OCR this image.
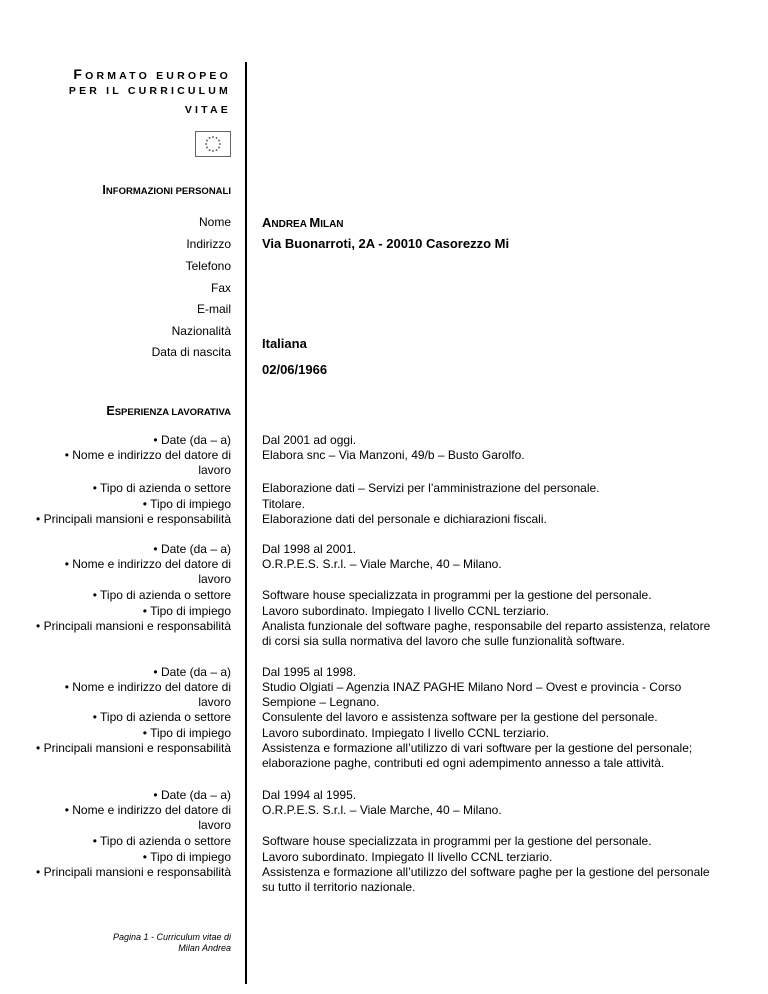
FORMATO EUROPEO
PER IL CURRICULUM
VITAE
INFORMAZIONI PERSONALI
Nome
Indirizzo
Telefono
Fax
E-mail
Nazionalità
Data di nascita
ANDREA MILAN
Via Buonarroti, 2A - 20010 Casorezzo Mi
Italiana
02/06/1966
ESPERIENZA LAVORATIVA
• Date (da – a)
• Nome e indirizzo del datore di lavoro
• Tipo di azienda o settore
• Tipo di impiego
• Principali mansioni e responsabilità
Dal 2001 ad oggi.
Elabora snc – Via Manzoni, 49/b – Busto Garolfo.
Elaborazione dati – Servizi per l’amministrazione del personale.
Titolare.
Elaborazione dati del personale e dichiarazioni fiscali.
• Date (da – a)
• Nome e indirizzo del datore di lavoro
• Tipo di azienda o settore
• Tipo di impiego
• Principali mansioni e responsabilità
Dal 1998 al 2001.
O.R.P.E.S. S.r.l. – Viale Marche, 40 – Milano.
Software house specializzata in programmi per la gestione del personale.
Lavoro subordinato. Impiegato I livello CCNL terziario.
Analista funzionale del software paghe, responsabile del reparto assistenza, relatore di corsi sia sulla normativa del lavoro che sulle funzionalità software.
• Date (da – a)
• Nome e indirizzo del datore di lavoro
• Tipo di azienda o settore
• Tipo di impiego
• Principali mansioni e responsabilità
Dal 1995 al 1998.
Studio Olgiati – Agenzia INAZ PAGHE Milano Nord – Ovest e provincia - Corso Sempione – Legnano.
Consulente del lavoro e assistenza software per la gestione del personale.
Lavoro subordinato. Impiegato I livello CCNL terziario.
Assistenza e formazione all’utilizzo di vari software per la gestione del personale; elaborazione paghe, contributi ed ogni adempimento annesso a tale attività.
• Date (da – a)
• Nome e indirizzo del datore di lavoro
• Tipo di azienda o settore
• Tipo di impiego
• Principali mansioni e responsabilità
Dal 1994 al 1995.
O.R.P.E.S. S.r.l. – Viale Marche, 40 – Milano.
Software house specializzata in programmi per la gestione del personale.
Lavoro subordinato. Impiegato II livello CCNL terziario.
Assistenza e formazione all’utilizzo del software paghe per la gestione del personale su tutto il territorio nazionale.
Pagina 1 - Curriculum vitae di
Milan Andrea
